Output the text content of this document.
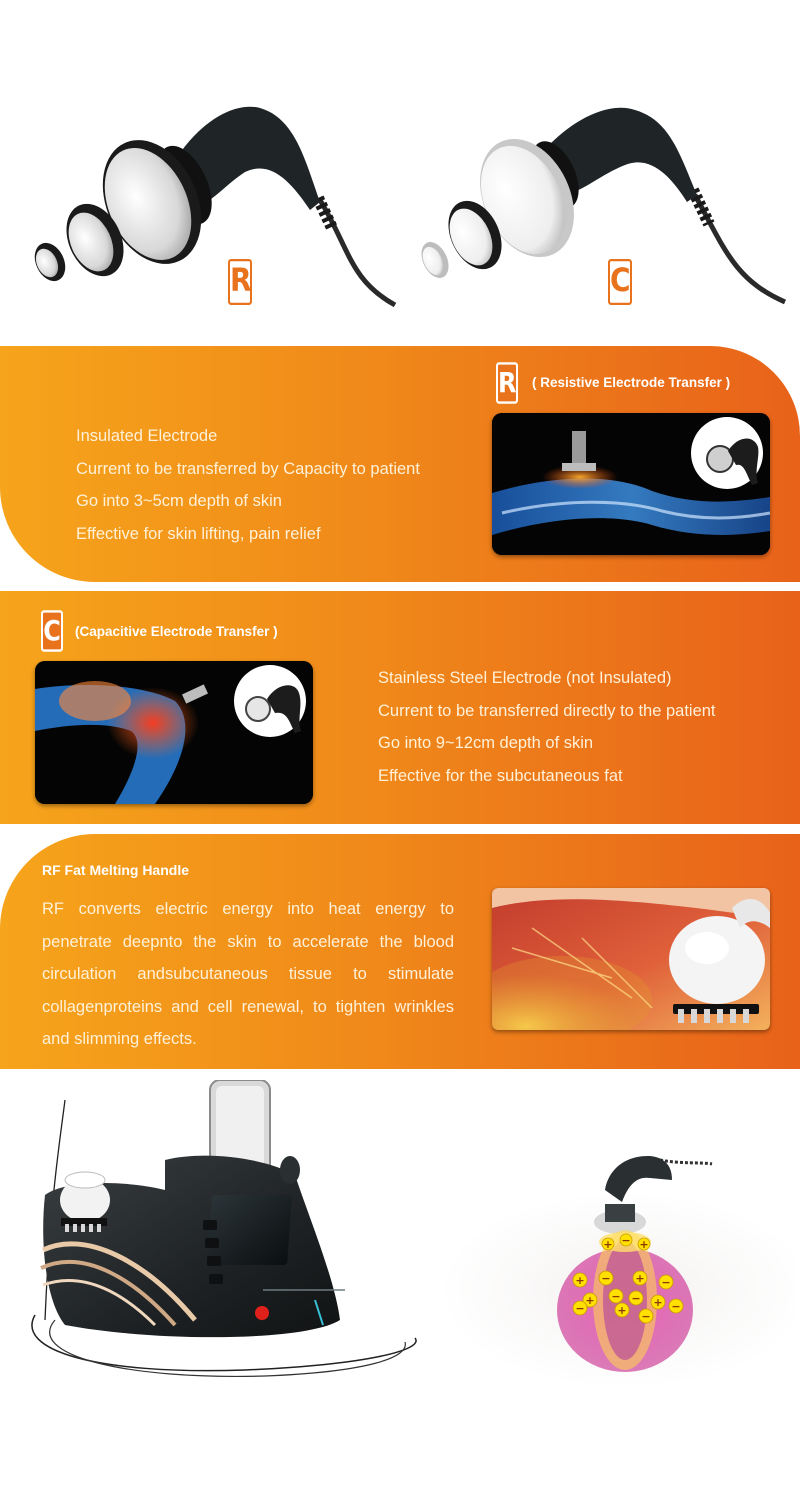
R	C
R ( Resistive Electrode Transfer )
Insulated Electrode
Current to be transferred by Capacity to patient
Go into 3~5cm depth of skin
Effective for skin lifting, pain relief
C (Capacitive Electrode Transfer )
Stainless Steel Electrode (not Insulated)
Current to be transferred directly to the patient
Go into 9~12cm depth of skin
Effective for the subcutaneous fat
RF Fat Melting Handle
RF converts electric energy into heat energy to penetrate deepnto the skin to accelerate the blood circulation andsubcutaneous tissue to stimulate collagenproteins and cell renewal, to tighten wrinkles and slimming effects.
+ − + −
+ − − + −
−	+ −
+ − +
